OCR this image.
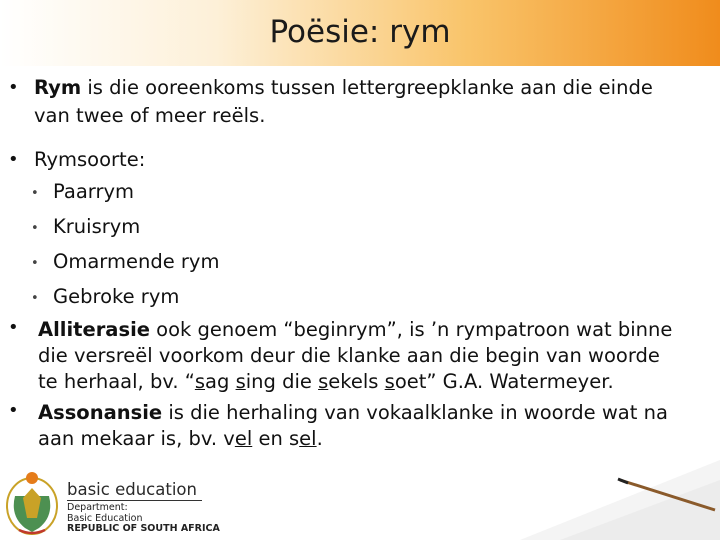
Poësie: rym
• Rym is die ooreenkoms tussen lettergreepklanke aan die einde
van twee of meer reëls.
• Rymsoorte:
• Paarrym
• Kruisrym
• Omarmende rym
• Gebroke rym
• Alliterasie ook genoem “beginrym”, is ’n rympatroon wat binne
die versreël voorkom deur die klanke aan die begin van woorde
te herhaal, bv. “sag sing die sekels soet” G.A. Watermeyer.
• Assonansie is die herhaling van vokaalklanke in woorde wat na
aan mekaar is, bv. vel en sel.
basic education
Department:
Basic Education
REPUBLIC OF SOUTH AFRICA
